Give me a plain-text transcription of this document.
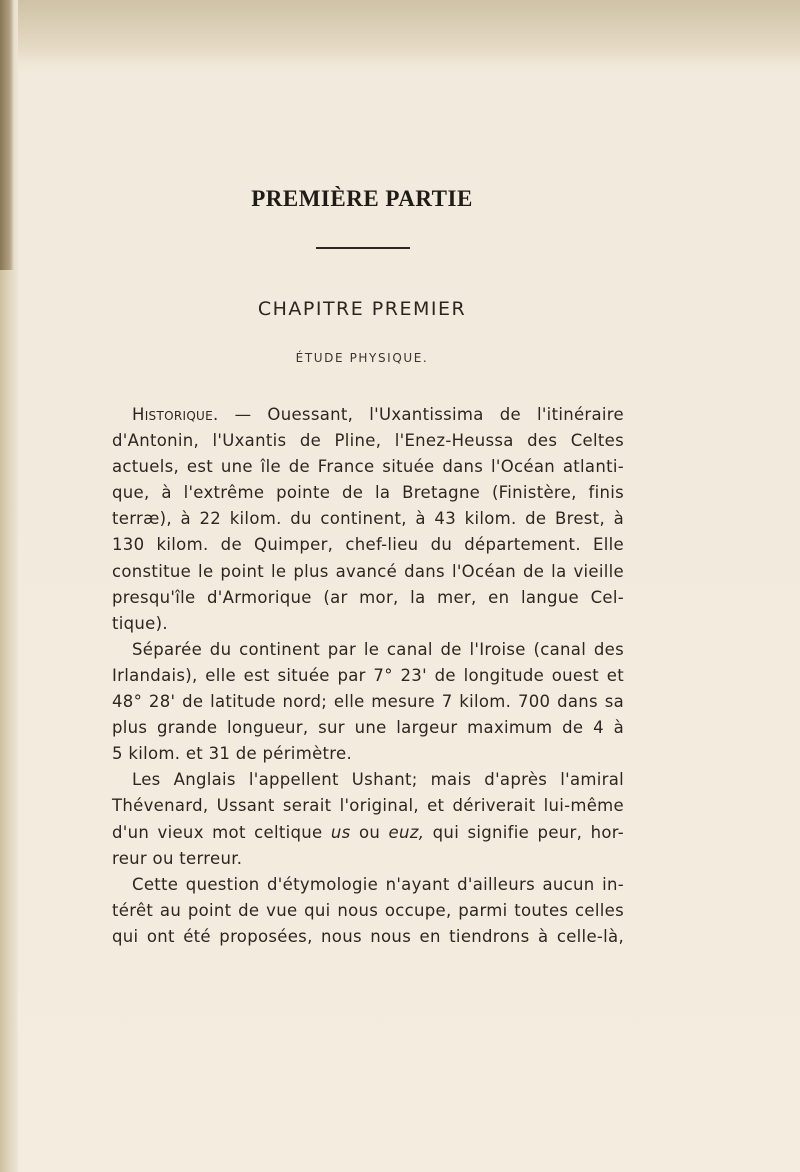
PREMIÈRE PARTIE
CHAPITRE PREMIER
ÉTUDE PHYSIQUE.
Historique. — Ouessant, l'Uxantissima de l'itinéraire
d'Antonin, l'Uxantis de Pline, l'Enez-Heussa des Celtes
actuels, est une île de France située dans l'Océan atlanti-
que, à l'extrême pointe de la Bretagne (Finistère, finis
terræ), à 22 kilom. du continent, à 43 kilom. de Brest, à
130 kilom. de Quimper, chef-lieu du département. Elle
constitue le point le plus avancé dans l'Océan de la vieille
presqu'île d'Armorique (ar mor, la mer, en langue Cel-
tique).
Séparée du continent par le canal de l'Iroise (canal des
Irlandais), elle est située par 7° 23' de longitude ouest et
48° 28' de latitude nord; elle mesure 7 kilom. 700 dans sa
plus grande longueur, sur une largeur maximum de 4 à
5 kilom. et 31 de périmètre.
Les Anglais l'appellent Ushant; mais d'après l'amiral
Thévenard, Ussant serait l'original, et dériverait lui-même
d'un vieux mot celtique us ou euz, qui signifie peur, hor-
reur ou terreur.
Cette question d'étymologie n'ayant d'ailleurs aucun in-
térêt au point de vue qui nous occupe, parmi toutes celles
qui ont été proposées, nous nous en tiendrons à celle-là,
